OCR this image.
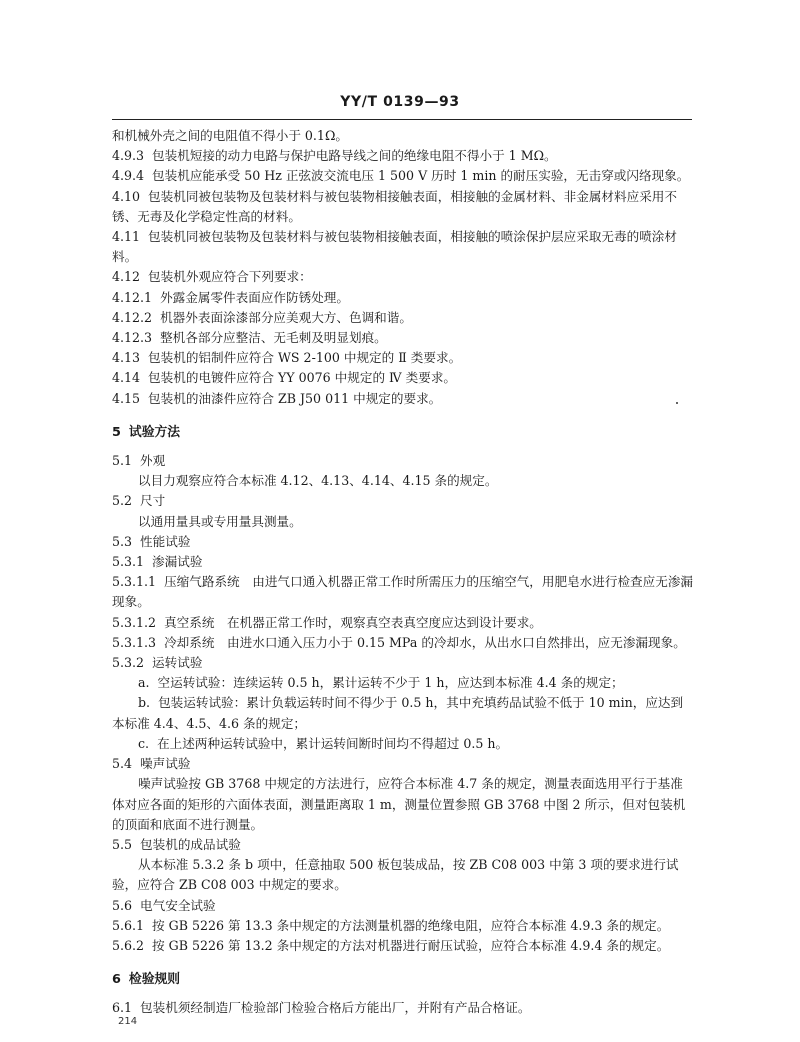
YY/T 0139—93

和机械外壳之间的电阻值不得小于 0.1Ω。

4.9.3 包装机短接的动力电路与保护电路导线之间的绝缘电阻不得小于 1 MΩ。

4.9.4 包装机应能承受 50 Hz 正弦波交流电压 1 500 V 历时 1 min 的耐压实验，无击穿或闪络现象。

4.10 包装机同被包装物及包装材料与被包装物相接触表面，相接触的金属材料、非金属材料应采用不锈、无毒及化学稳定性高的材料。

4.11 包装机同被包装物及包装材料与被包装物相接触表面，相接触的喷涂保护层应采取无毒的喷涂材料。

4.12 包装机外观应符合下列要求：

4.12.1 外露金属零件表面应作防锈处理。

4.12.2 机器外表面涂漆部分应美观大方、色调和谐。

4.12.3 整机各部分应整洁、无毛刺及明显划痕。

4.13 包装机的铝制件应符合 WS 2-100 中规定的 Ⅱ 类要求。

4.14 包装机的电镀件应符合 YY 0076 中规定的 Ⅳ 类要求。

4.15 包装机的油漆件应符合 ZB J50 011 中规定的要求。

5 试验方法

5.1 外观

以目力观察应符合本标准 4.12、4.13、4.14、4.15 条的规定。

5.2 尺寸

以通用量具或专用量具测量。

5.3 性能试验

5.3.1 渗漏试验

5.3.1.1 压缩气路系统　由进气口通入机器正常工作时所需压力的压缩空气，用肥皂水进行检查应无渗漏现象。

5.3.1.2 真空系统　在机器正常工作时，观察真空表真空度应达到设计要求。

5.3.1.3 冷却系统　由进水口通入压力小于 0.15 MPa 的冷却水，从出水口自然排出，应无渗漏现象。

5.3.2 运转试验

a. 空运转试验：连续运转 0.5 h，累计运转不少于 1 h，应达到本标准 4.4 条的规定；

b. 包装运转试验：累计负载运转时间不得少于 0.5 h，其中充填药品试验不低于 10 min，应达到本标准 4.4、4.5、4.6 条的规定；

c. 在上述两种运转试验中，累计运转间断时间均不得超过 0.5 h。

5.4 噪声试验

噪声试验按 GB 3768 中规定的方法进行，应符合本标准 4.7 条的规定，测量表面选用平行于基准体对应各面的矩形的六面体表面，测量距离取 1 m，测量位置参照 GB 3768 中图 2 所示，但对包装机的顶面和底面不进行测量。

5.5 包装机的成品试验

从本标准 5.3.2 条 b 项中，任意抽取 500 板包装成品，按 ZB C08 003 中第 3 项的要求进行试验，应符合 ZB C08 003 中规定的要求。

5.6 电气安全试验

5.6.1 按 GB 5226 第 13.3 条中规定的方法测量机器的绝缘电阻，应符合本标准 4.9.3 条的规定。

5.6.2 按 GB 5226 第 13.2 条中规定的方法对机器进行耐压试验，应符合本标准 4.9.4 条的规定。

6 检验规则

6.1 包装机须经制造厂检验部门检验合格后方能出厂，并附有产品合格证。

214
